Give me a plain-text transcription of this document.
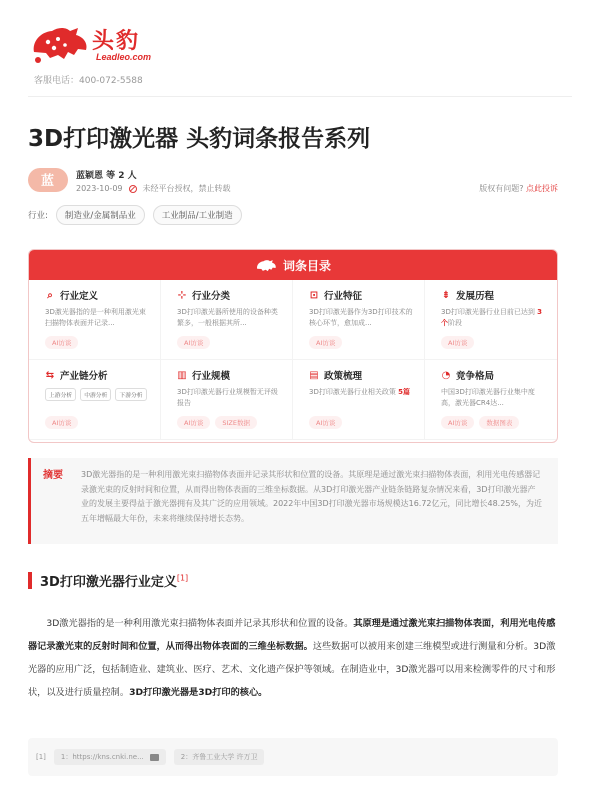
头豹
Leadleo.com
客服电话：400-072-5588
3D打印激光器 头豹词条报告系列
蓝 蓝颖恩 等 2 人
2023-10-09	未经平台授权，禁止转载	版权有问题? 点此投诉
行业:	制造业/金属制品业	工业制品/工业制造
词条目录
⌕ 行业定义
3D激光器指的是一种利用激光束扫描物体表面并记录...
AI访谈
⊹ 行业分类
3D打印激光器所使用的设备种类繁多，一般根据其所...
AI访谈
⊡ 行业特征
3D打印激光器作为3D打印技术的核心环节，愈加成...
AI访谈
⇟ 发展历程
3D打印激光器行业目前已达到 3个阶段
AI访谈
⇆ 产业链分析
上游分析	中游分析	下游分析
AI访谈
▥ 行业规模
3D打印激光器行业规模暂无评级报告
AI访谈	SIZE数据
▤ 政策梳理
3D打印激光器行业相关政策 5篇
AI访谈
◔ 竞争格局
中国3D打印激光器行业集中度高，激光器CR4达...
AI访谈	数据图表
摘要 3D激光器指的是一种利用激光束扫描物体表面并记录其形状和位置的设备。其原理是通过激光束扫描物体表面，利用光电传感器记录激光束的反射时间和位置，从而得出物体表面的三维坐标数据。从3D打印激光器产业链条链路复杂情况来看，3D打印激光器产业的发展主要得益于激光器拥有及其广泛的应用领域。2022年中国3D打印激光器市场规模达16.72亿元，同比增长48.25%，为近五年增幅最大年份，未来将继续保持增长态势。
3D打印激光器行业定义[1]
3D激光器指的是一种利用激光束扫描物体表面并记录其形状和位置的设备。其原理是通过激光束扫描物体表面，利用光电传感器记录激光束的反射时间和位置，从而得出物体表面的三维坐标数据。这些数据可以被用来创建三维模型或进行测量和分析。3D激光器的应用广泛，包括制造业、建筑业、医疗、艺术、文化遗产保护等领域。在制造业中，3D激光器可以用来检测零件的尺寸和形状，以及进行质量控制。3D打印激光器是3D打印的核心。
[1] 1：https://kns.cnki.ne...	2：齐鲁工业大学 许万卫
